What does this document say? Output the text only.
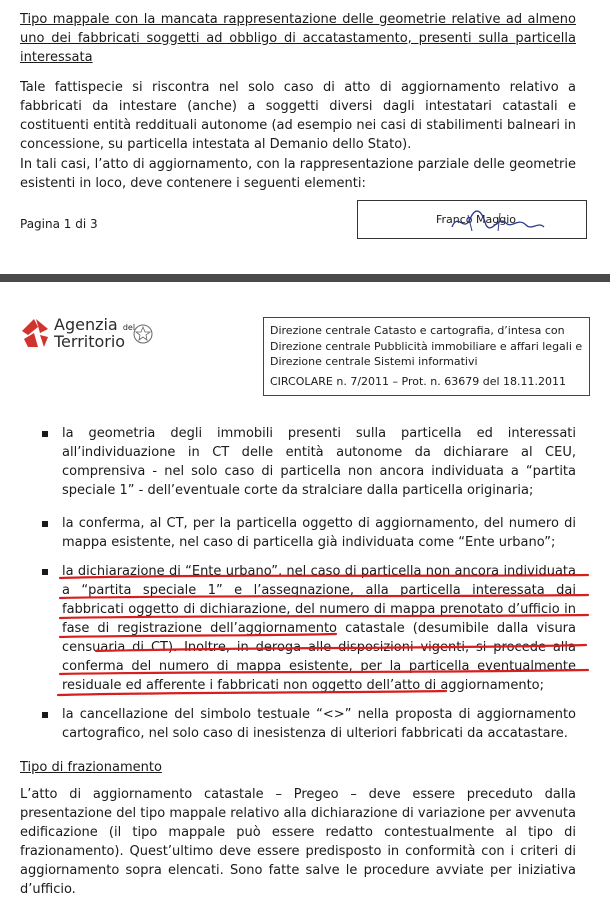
Tipo mappale con la mancata rappresentazione delle geometrie relative ad almeno uno dei fabbricati soggetti ad obbligo di accatastamento, presenti sulla particella interessata
Tale fattispecie si riscontra nel solo caso di atto di aggiornamento relativo a fabbricati da intestare (anche) a soggetti diversi dagli intestatari catastali e costituenti entità reddituali autonome (ad esempio nei casi di stabilimenti balneari in concessione, su particella intestata al Demanio dello Stato).
In tali casi, l’atto di aggiornamento, con la rappresentazione parziale delle geometrie esistenti in loco, deve contenere i seguenti elementi:
Pagina 1 di 3	Franco Maggio
Agenzia del
Territorio
Direzione centrale Catasto e cartografia, d’intesa con Direzione centrale Pubblicità immobiliare e affari legali e Direzione centrale Sistemi informativi
CIRCOLARE n. 7/2011 – Prot. n. 63679 del 18.11.2011
la geometria degli immobili presenti sulla particella ed interessati all’individuazione in CT delle entità autonome da dichiarare al CEU, comprensiva - nel solo caso di particella non ancora individuata a “partita speciale 1” - dell’eventuale corte da stralciare dalla particella originaria;
la conferma, al CT, per la particella oggetto di aggiornamento, del numero di mappa esistente, nel caso di particella già individuata come “Ente urbano”;
la dichiarazione di “Ente urbano”, nel caso di particella non ancora individuata a “partita speciale 1” e l’assegnazione, alla particella interessata dai fabbricati oggetto di dichiarazione, del numero di mappa prenotato d’ufficio in fase di registrazione dell’aggiornamento catastale (desumibile dalla visura censuaria di CT). Inoltre, in deroga alle disposizioni vigenti, si procede alla conferma del numero di mappa esistente, per la particella eventualmente residuale ed afferente i fabbricati non oggetto dell’atto di aggiornamento;
la cancellazione del simbolo testuale “<>” nella proposta di aggiornamento cartografico, nel solo caso di inesistenza di ulteriori fabbricati da accatastare.
Tipo di frazionamento
L’atto di aggiornamento catastale – Pregeo – deve essere preceduto dalla presentazione del tipo mappale relativo alla dichiarazione di variazione per avvenuta edificazione (il tipo mappale può essere redatto contestualmente al tipo di frazionamento). Quest’ultimo deve essere predisposto in conformità con i criteri di aggiornamento sopra elencati. Sono fatte salve le procedure avviate per iniziativa d’ufficio.
